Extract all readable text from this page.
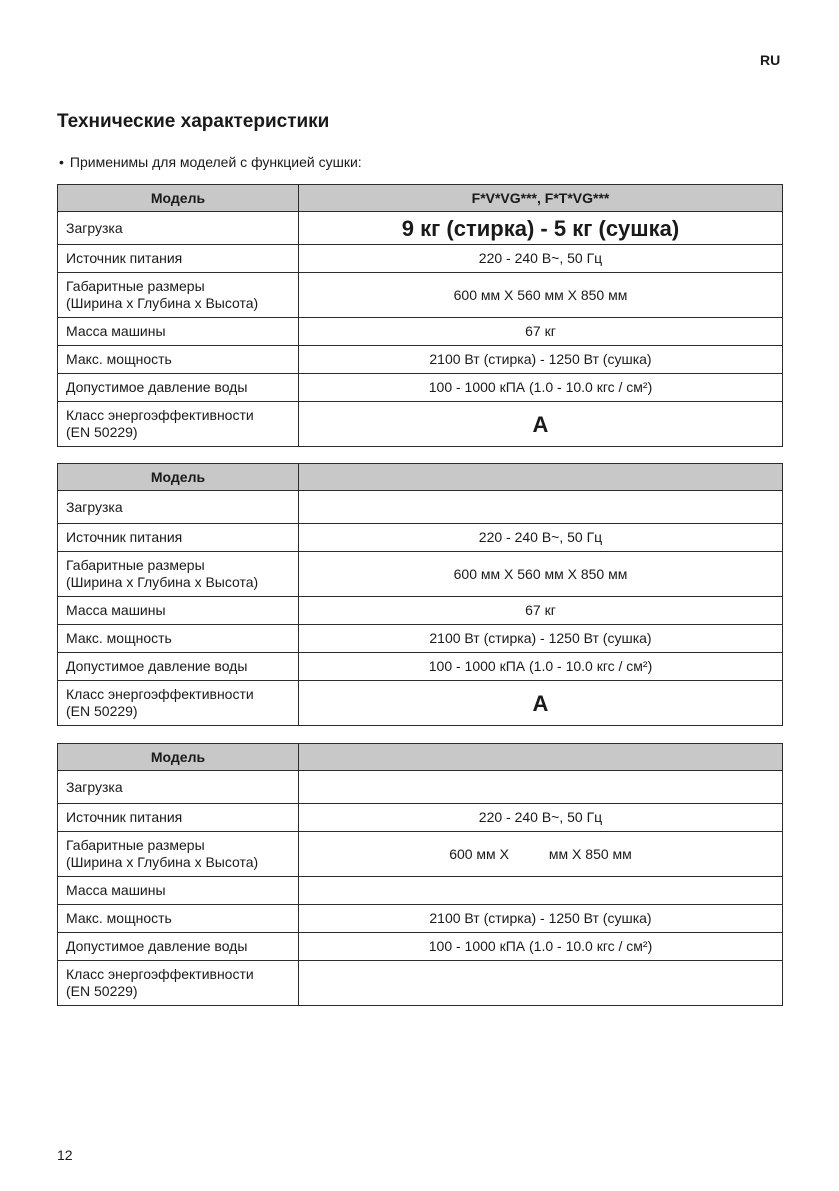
RU
Технические характеристики
• Применимы для моделей с функцией сушки:
Модель	F*V*VG***, F*T*VG***
Загрузка	9 кг (стирка) - 5 кг (сушка)
Источник питания	220 - 240 В~, 50 Гц
Габаритные размеры
(Ширина x Глубина x Высота)	600 мм X 560 мм X 850 мм
Масса машины	67 кг
Макс. мощность	2100 Вт (стирка) - 1250 Вт (сушка)
Допустимое давление воды	100 - 1000 кПА (1.0 - 10.0 кгс / см²)
Класс энергоэффективности
(EN 50229)	A
Модель	
Загрузка	
Источник питания	220 - 240 В~, 50 Гц
Габаритные размеры
(Ширина x Глубина x Высота)	600 мм X 560 мм X 850 мм
Масса машины	67 кг
Макс. мощность	2100 Вт (стирка) - 1250 Вт (сушка)
Допустимое давление воды	100 - 1000 кПА (1.0 - 10.0 кгс / см²)
Класс энергоэффективности
(EN 50229)	A
Модель	
Загрузка	
Источник питания	220 - 240 В~, 50 Гц
Габаритные размеры
(Ширина x Глубина x Высота)	600 мм X мм X 850 мм
Масса машины	
Макс. мощность	2100 Вт (стирка) - 1250 Вт (сушка)
Допустимое давление воды	100 - 1000 кПА (1.0 - 10.0 кгс / см²)
Класс энергоэффективности
(EN 50229)	
12
